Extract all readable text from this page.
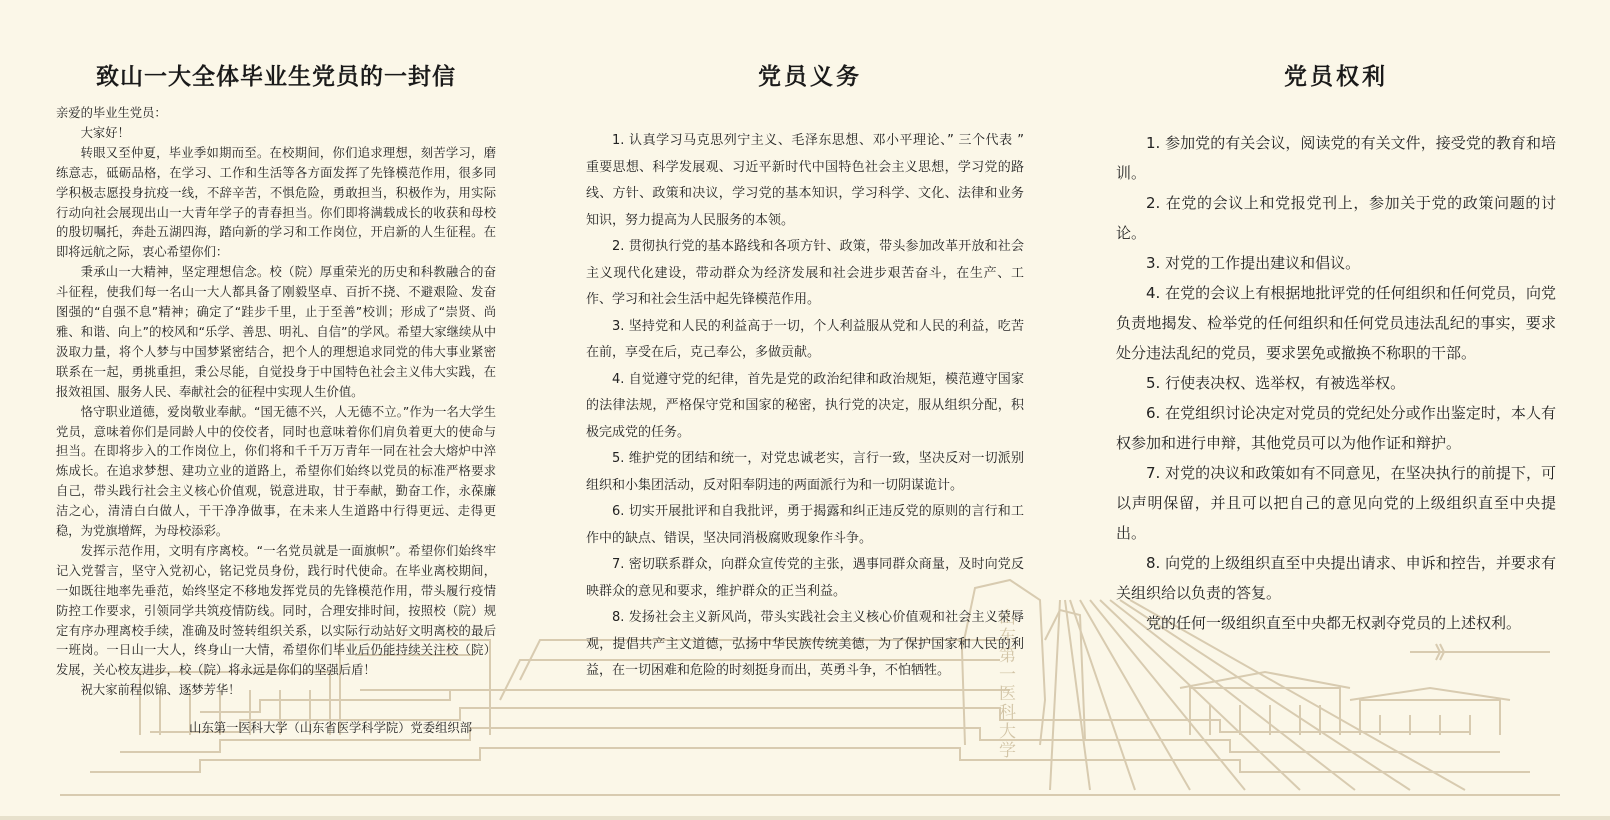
山东第一医科大学
致山一大全体毕业生党员的一封信	党员义务	党员权利

亲爱的毕业生党员：

大家好！

转眼又至仲夏，毕业季如期而至。在校期间，你们追求理想，刻苦学习，磨练意志，砥砺品格，在学习、工作和生活等各方面发挥了先锋模范作用，很多同学积极志愿投身抗疫一线，不辞辛苦，不惧危险，勇敢担当，积极作为，用实际行动向社会展现出山一大青年学子的青春担当。你们即将满载成长的收获和母校的殷切嘱托，奔赴五湖四海，踏向新的学习和工作岗位，开启新的人生征程。在即将远航之际，衷心希望你们：

秉承山一大精神，坚定理想信念。校（院）厚重荣光的历史和科教融合的奋斗征程，使我们每一名山一大人都具备了刚毅坚卓、百折不挠、不避艰险、发奋图强的“自强不息”精神；确定了“跬步千里，止于至善”校训；形成了“崇贤、尚雅、和谐、向上”的校风和“乐学、善思、明礼、自信”的学风。希望大家继续从中汲取力量，将个人梦与中国梦紧密结合，把个人的理想追求同党的伟大事业紧密联系在一起，勇挑重担，秉公尽能，自觉投身于中国特色社会主义伟大实践，在报效祖国、服务人民、奉献社会的征程中实现人生价值。

恪守职业道德，爱岗敬业奉献。“国无德不兴，人无德不立。”作为一名大学生党员，意味着你们是同龄人中的佼佼者，同时也意味着你们肩负着更大的使命与担当。在即将步入的工作岗位上，你们将和千千万万青年一同在社会大熔炉中淬炼成长。在追求梦想、建功立业的道路上，希望你们始终以党员的标准严格要求自己，带头践行社会主义核心价值观，锐意进取，甘于奉献，勤奋工作，永葆廉洁之心，清清白白做人，干干净净做事，在未来人生道路中行得更远、走得更稳，为党旗增辉，为母校添彩。

发挥示范作用，文明有序离校。“一名党员就是一面旗帜”。希望你们始终牢记入党誓言，坚守入党初心，铭记党员身份，践行时代使命。在毕业离校期间，一如既往地率先垂范，始终坚定不移地发挥党员的先锋模范作用，带头履行疫情防控工作要求，引领同学共筑疫情防线。同时，合理安排时间，按照校（院）规定有序办理离校手续，准确及时签转组织关系，以实际行动站好文明离校的最后一班岗。一日山一大人，终身山一大情，希望你们毕业后仍能持续关注校（院）发展，关心校友进步，校（院）将永远是你们的坚强后盾！

祝大家前程似锦、逐梦芳华！

山东第一医科大学（山东省医学科学院）党委组织部

1. 认真学习马克思列宁主义、毛泽东思想、邓小平理论、” 三个代表 ” 重要思想、科学发展观、习近平新时代中国特色社会主义思想，学习党的路线、方针、政策和决议，学习党的基本知识，学习科学、文化、法律和业务知识，努力提高为人民服务的本领。

2. 贯彻执行党的基本路线和各项方针、政策，带头参加改革开放和社会主义现代化建设，带动群众为经济发展和社会进步艰苦奋斗，在生产、工作、学习和社会生活中起先锋模范作用。

3. 坚持党和人民的利益高于一切，个人利益服从党和人民的利益，吃苦在前，享受在后，克己奉公，多做贡献。

4. 自觉遵守党的纪律，首先是党的政治纪律和政治规矩，模范遵守国家的法律法规，严格保守党和国家的秘密，执行党的决定，服从组织分配，积极完成党的任务。

5. 维护党的团结和统一，对党忠诚老实，言行一致，坚决反对一切派别组织和小集团活动，反对阳奉阴违的两面派行为和一切阴谋诡计。

6. 切实开展批评和自我批评，勇于揭露和纠正违反党的原则的言行和工作中的缺点、错误，坚决同消极腐败现象作斗争。

7. 密切联系群众，向群众宣传党的主张，遇事同群众商量，及时向党反映群众的意见和要求，维护群众的正当利益。

8. 发扬社会主义新风尚，带头实践社会主义核心价值观和社会主义荣辱观，提倡共产主义道德，弘扬中华民族传统美德，为了保护国家和人民的利益，在一切困难和危险的时刻挺身而出，英勇斗争，不怕牺牲。

1. 参加党的有关会议，阅读党的有关文件，接受党的教育和培训。

2. 在党的会议上和党报党刊上，参加关于党的政策问题的讨论。

3. 对党的工作提出建议和倡议。

4. 在党的会议上有根据地批评党的任何组织和任何党员，向党负责地揭发、检举党的任何组织和任何党员违法乱纪的事实，要求处分违法乱纪的党员，要求罢免或撤换不称职的干部。

5. 行使表决权、选举权，有被选举权。

6. 在党组织讨论决定对党员的党纪处分或作出鉴定时，本人有权参加和进行申辩，其他党员可以为他作证和辩护。

7. 对党的决议和政策如有不同意见，在坚决执行的前提下，可以声明保留，并且可以把自己的意见向党的上级组织直至中央提出。

8. 向党的上级组织直至中央提出请求、申诉和控告，并要求有关组织给以负责的答复。

党的任何一级组织直至中央都无权剥夺党员的上述权利。
